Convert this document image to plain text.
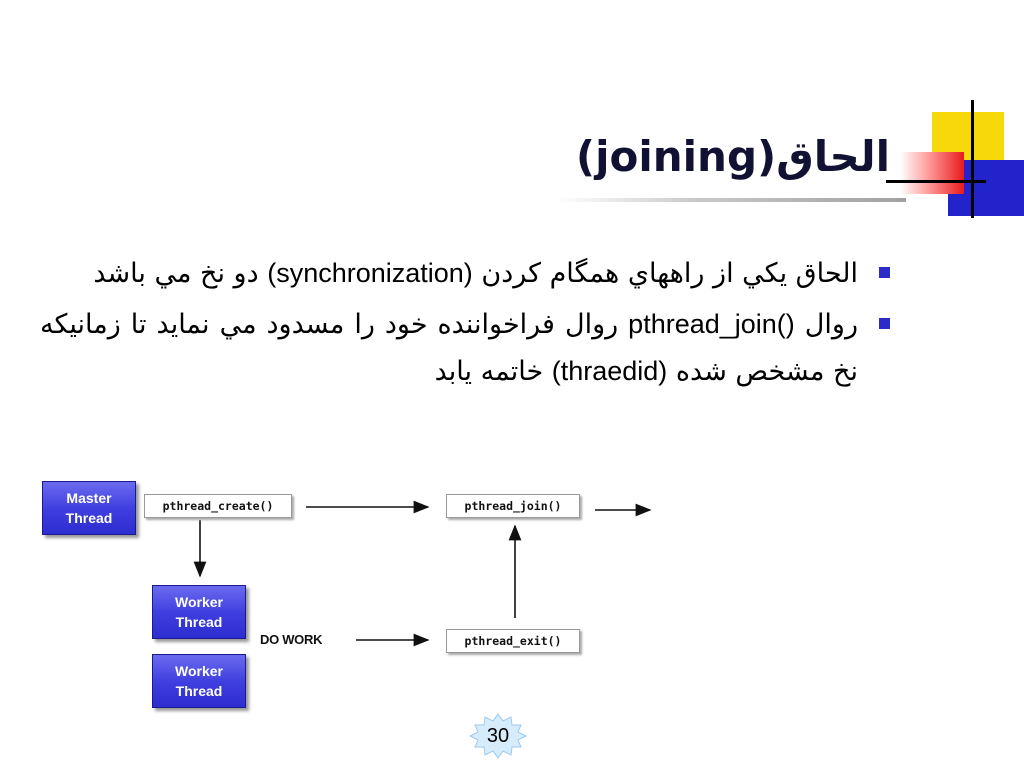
الحاق(joining)
الحاق يکي از راههاي همگام کردن (synchronization) دو نخ مي باشد
روال pthread_join() روال فراخواننده خود را مسدود مي نمايد تا زمانيکه نخ مشخص شده (thraedid) خاتمه يابد
Master
Thread
pthread_create()	pthread_join()
Worker
Thread
Worker
Thread
DO WORK	pthread_exit()
30
